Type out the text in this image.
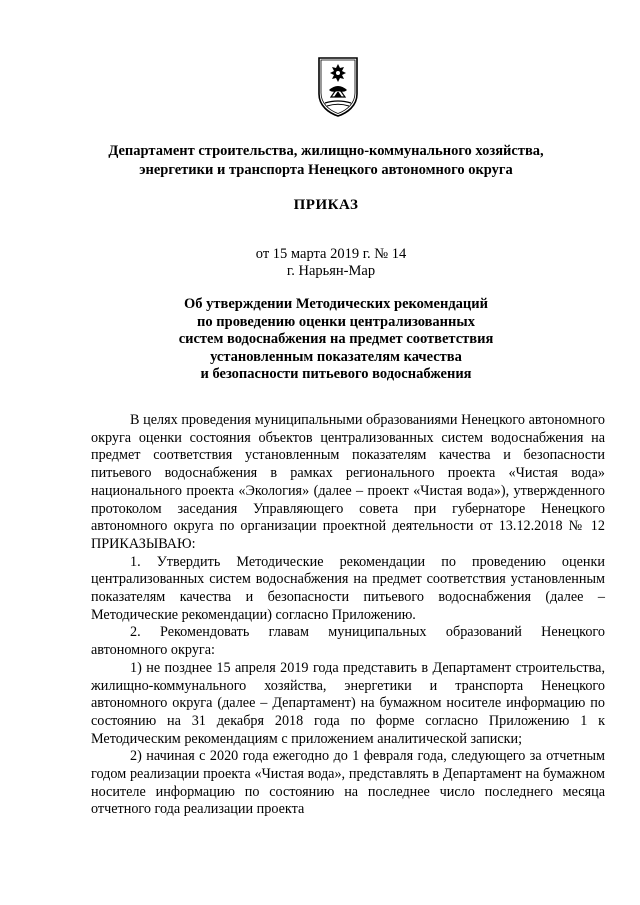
Департамент строительства, жилищно-коммунального хозяйства,
энергетики и транспорта Ненецкого автономного округа
ПРИКАЗ
от 15 марта 2019 г. № 14
г. Нарьян-Мар
Об утверждении Методических рекомендаций
по проведению оценки централизованных
систем водоснабжения на предмет соответствия
установленным показателям качества
и безопасности питьевого водоснабжения

В целях проведения муниципальными образованиями Ненецкого автономного округа оценки состояния объектов централизованных систем водоснабжения на предмет соответствия установленным показателям качества и безопасности питьевого водоснабжения в рамках регионального проекта «Чистая вода» национального проекта «Экология» (далее – проект «Чистая вода»), утвержденного протоколом заседания Управляющего совета при губернаторе Ненецкого автономного округа по организации проектной деятельности от 13.12.2018 № 12 ПРИКАЗЫВАЮ:

1. Утвердить Методические рекомендации по проведению оценки централизованных систем водоснабжения на предмет соответствия установленным показателям качества и безопасности питьевого водоснабжения (далее – Методические рекомендации) согласно Приложению.

2. Рекомендовать главам муниципальных образований Ненецкого автономного округа:

1) не позднее 15 апреля 2019 года представить в Департамент строительства, жилищно-коммунального хозяйства, энергетики и транспорта Ненецкого автономного округа (далее – Департамент) на бумажном носителе информацию по состоянию на 31 декабря 2018 года по форме согласно Приложению 1 к Методическим рекомендациям с приложением аналитической записки;

2) начиная с 2020 года ежегодно до 1 февраля года, следующего за отчетным годом реализации проекта «Чистая вода», представлять в Департамент на бумажном носителе информацию по состоянию на последнее число последнего месяца отчетного года реализации проекта
